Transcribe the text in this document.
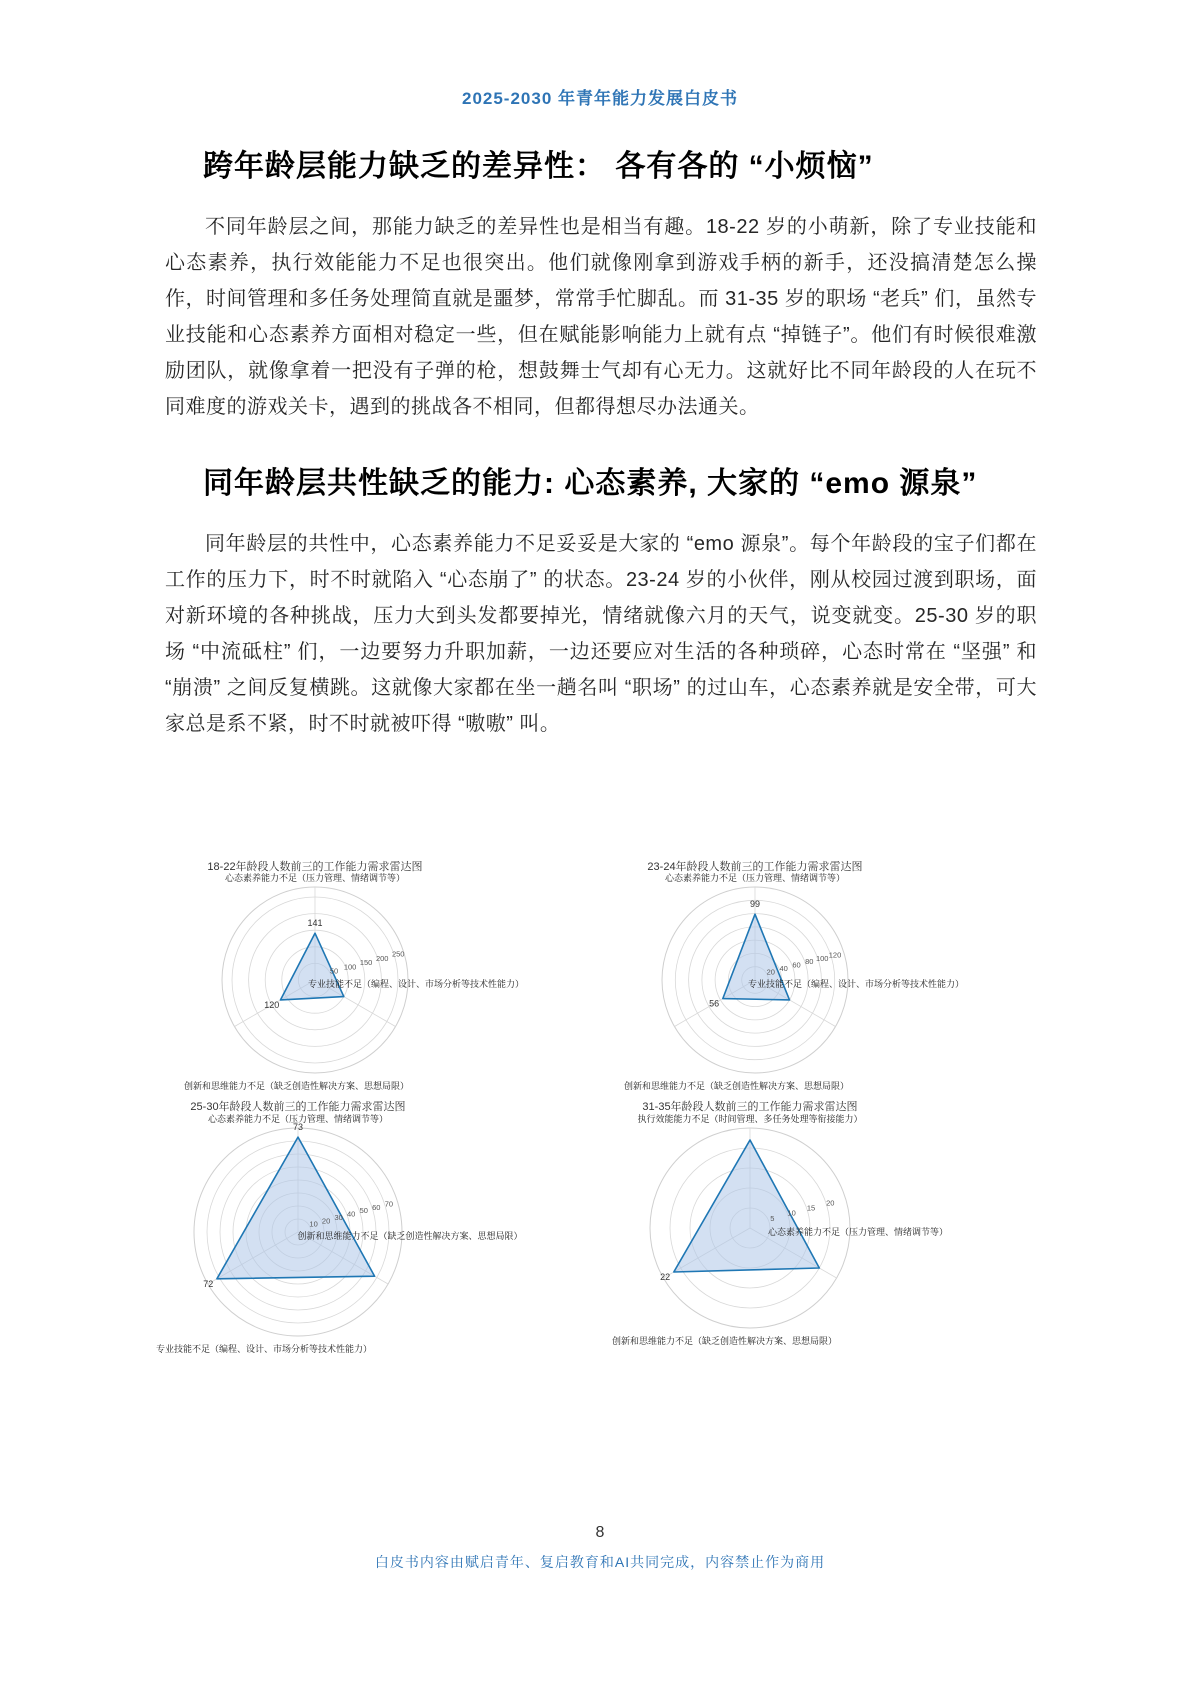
2025-2030 年青年能力发展白皮书
跨年龄层能力缺乏的差异性： 各有各的 “小烦恼”

不同年龄层之间，那能力缺乏的差异性也是相当有趣。18-22 岁的小萌新，除了专业技能和心态素养，执行效能能力不足也很突出。他们就像刚拿到游戏手柄的新手，还没搞清楚怎么操作，时间管理和多任务处理简直就是噩梦，常常手忙脚乱。而 31-35 岁的职场 “老兵” 们，虽然专业技能和心态素养方面相对稳定一些，但在赋能影响能力上就有点 “掉链子”。他们有时候很难激励团队，就像拿着一把没有子弹的枪，想鼓舞士气却有心无力。这就好比不同年龄段的人在玩不同难度的游戏关卡，遇到的挑战各不相同，但都得想尽办法通关。

同年龄层共性缺乏的能力: 心态素养, 大家的 “emo 源泉”

同年龄层的共性中，心态素养能力不足妥妥是大家的 “emo 源泉”。每个年龄段的宝子们都在工作的压力下，时不时就陷入 “心态崩了” 的状态。23-24 岁的小伙伴，刚从校园过渡到职场，面对新环境的各种挑战，压力大到头发都要掉光，情绪就像六月的天气，说变就变。25-30 岁的职场 “中流砥柱” 们，一边要努力升职加薪，一边还要应对生活的各种琐碎，心态时常在 “坚强” 和 “崩溃” 之间反复横跳。这就像大家都在坐一趟名叫 “职场” 的过山车，心态素养就是安全带，可大家总是系不紧，时不时就被吓得 “嗷嗷” 叫。

50 100 150 200 250
18-22年龄段人数前三的工作能力需求雷达图
心态素养能力不足（压力管理、情绪调节等）
专业技能不足（编程、设计、市场分析等技术性能力）
创新和思维能力不足（缺乏创造性解决方案、思想局限）
141
120
20 40 60 80 100 120
23-24年龄段人数前三的工作能力需求雷达图
心态素养能力不足（压力管理、情绪调节等）
专业技能不足（编程、设计、市场分析等技术性能力）
创新和思维能力不足（缺乏创造性解决方案、思想局限）
99
56
10 20 30 40 50 60 70
25-30年龄段人数前三的工作能力需求雷达图
心态素养能力不足（压力管理、情绪调节等）
创新和思维能力不足（缺乏创造性解决方案、思想局限）
专业技能不足（编程、设计、市场分析等技术性能力）
73
72
5
10
15
20
31-35年龄段人数前三的工作能力需求雷达图
执行效能能力不足（时间管理、多任务处理等衔接能力）
心态素养能力不足（压力管理、情绪调节等）
创新和思维能力不足（缺乏创造性解决方案、思想局限）
22
8
白皮书内容由赋启青年、复启教育和AI共同完成，内容禁止作为商用
